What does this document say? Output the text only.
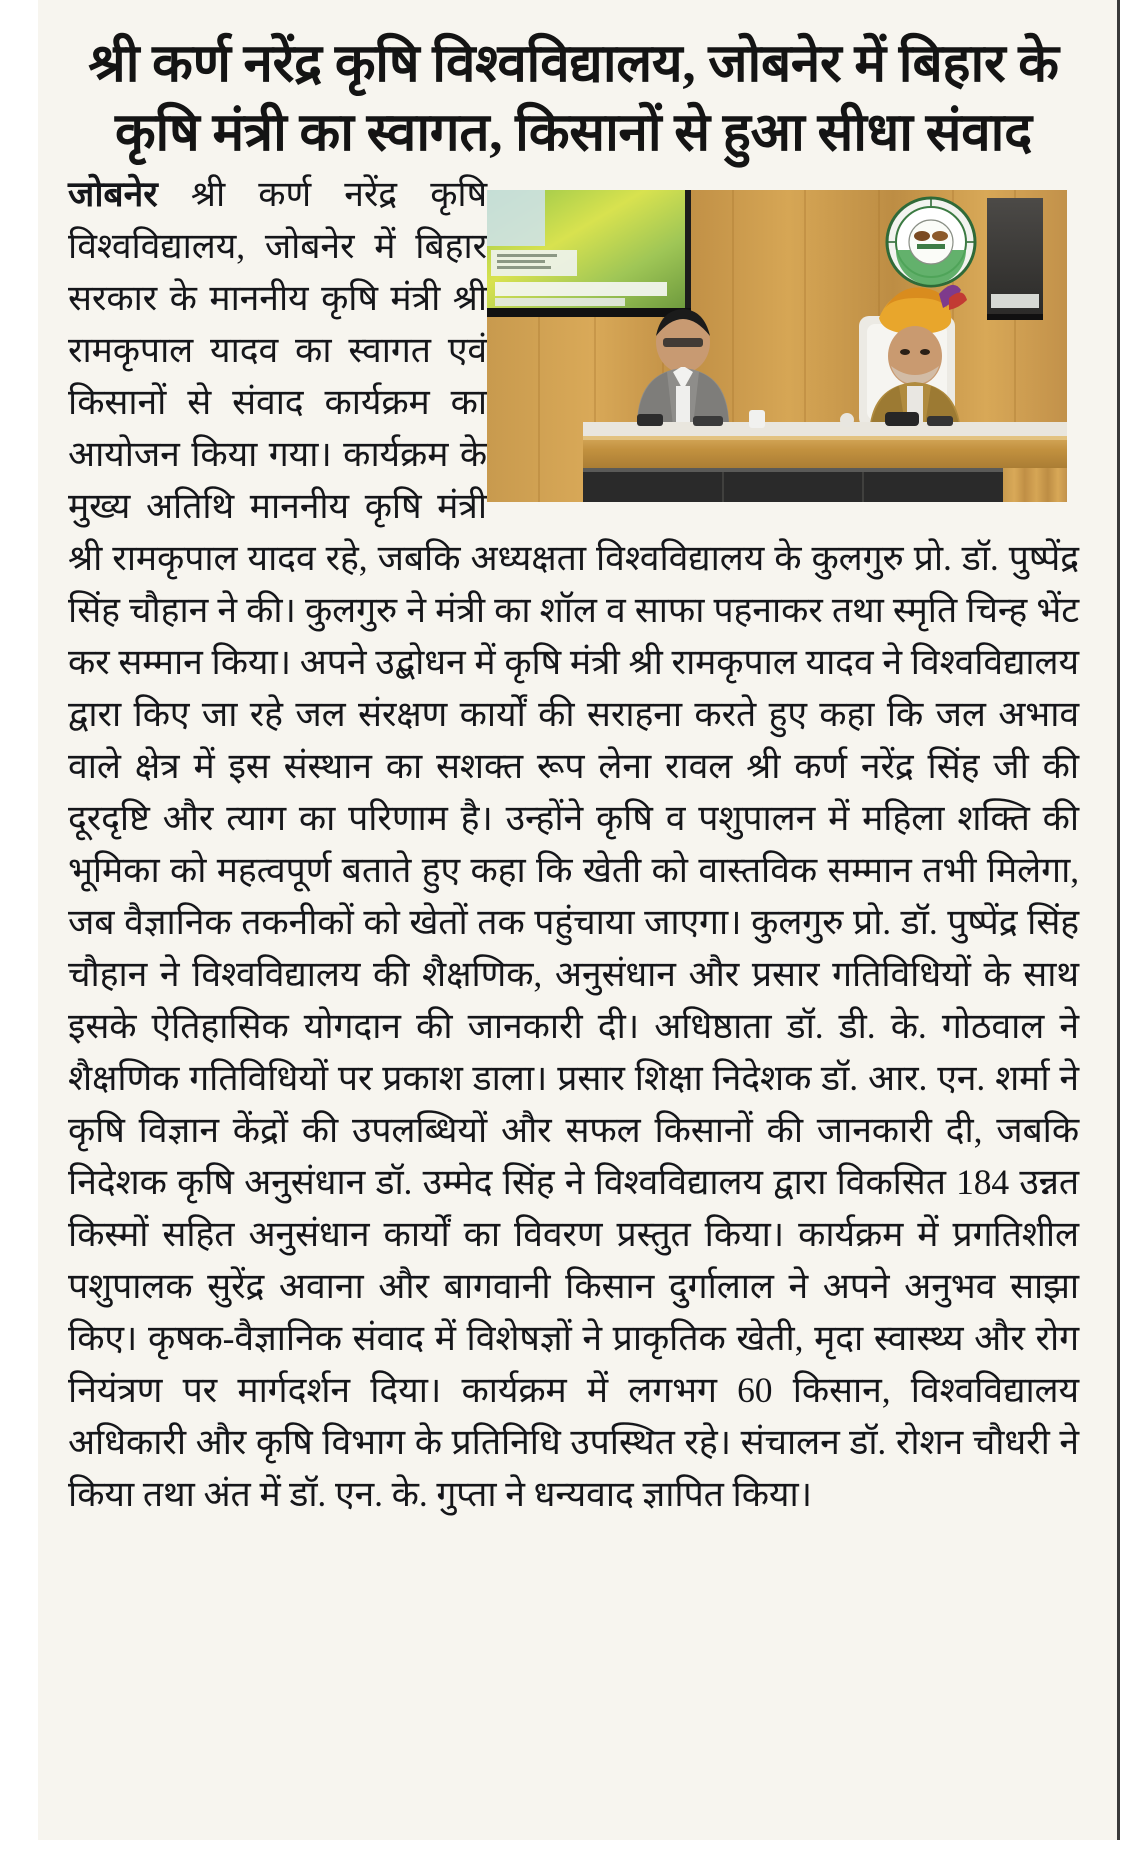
श्री कर्ण नरेंद्र कृषि विश्वविद्यालय, जोबनेर में बिहार के कृषि मंत्री का स्वागत, किसानों से हुआ सीधा संवाद
जोबनेर श्री कर्ण नरेंद्र कृषि विश्वविद्यालय, जोबनेर में बिहार सरकार के माननीय कृषि मंत्री श्री रामकृपाल यादव का स्वागत एवं किसानों से संवाद कार्यक्रम का आयोजन किया गया। कार्यक्रम के मुख्य अतिथि माननीय कृषि मंत्री श्री रामकृपाल यादव रहे, जबकि अध्यक्षता विश्वविद्यालय के कुलगुरु प्रो. डॉ. पुष्पेंद्र सिंह चौहान ने की। कुलगुरु ने मंत्री का शॉल व साफा पहनाकर तथा स्मृति चिन्ह भेंट कर सम्मान किया। अपने उद्बोधन में कृषि मंत्री श्री रामकृपाल यादव ने विश्वविद्यालय द्वारा किए जा रहे जल संरक्षण कार्यों की सराहना करते हुए कहा कि जल अभाव वाले क्षेत्र में इस संस्थान का सशक्त रूप लेना रावल श्री कर्ण नरेंद्र सिंह जी की दूरदृष्टि और त्याग का परिणाम है। उन्होंने कृषि व पशुपालन में महिला शक्ति की भूमिका को महत्वपूर्ण बताते हुए कहा कि खेती को वास्तविक सम्मान तभी मिलेगा, जब वैज्ञानिक तकनीकों को खेतों तक पहुंचाया जाएगा। कुलगुरु प्रो. डॉ. पुष्पेंद्र सिंह चौहान ने विश्वविद्यालय की शैक्षणिक, अनुसंधान और प्रसार गतिविधियों के साथ इसके ऐतिहासिक योगदान की जानकारी दी। अधिष्ठाता डॉ. डी. के. गोठवाल ने शैक्षणिक गतिविधियों पर प्रकाश डाला। प्रसार शिक्षा निदेशक डॉ. आर. एन. शर्मा ने कृषि विज्ञान केंद्रों की उपलब्धियों और सफल किसानों की जानकारी दी, जबकि निदेशक कृषि अनुसंधान डॉ. उम्मेद सिंह ने विश्वविद्यालय द्वारा विकसित 184 उन्नत किस्मों सहित अनुसंधान कार्यों का विवरण प्रस्तुत किया। कार्यक्रम में प्रगतिशील पशुपालक सुरेंद्र अवाना और बागवानी किसान दुर्गालाल ने अपने अनुभव साझा किए। कृषक-वैज्ञानिक संवाद में विशेषज्ञों ने प्राकृतिक खेती, मृदा स्वास्थ्य और रोग नियंत्रण पर मार्गदर्शन दिया। कार्यक्रम में लगभग 60 किसान, विश्वविद्यालय अधिकारी और कृषि विभाग के प्रतिनिधि उपस्थित रहे। संचालन डॉ. रोशन चौधरी ने किया तथा अंत में डॉ. एन. के. गुप्ता ने धन्यवाद ज्ञापित किया।
